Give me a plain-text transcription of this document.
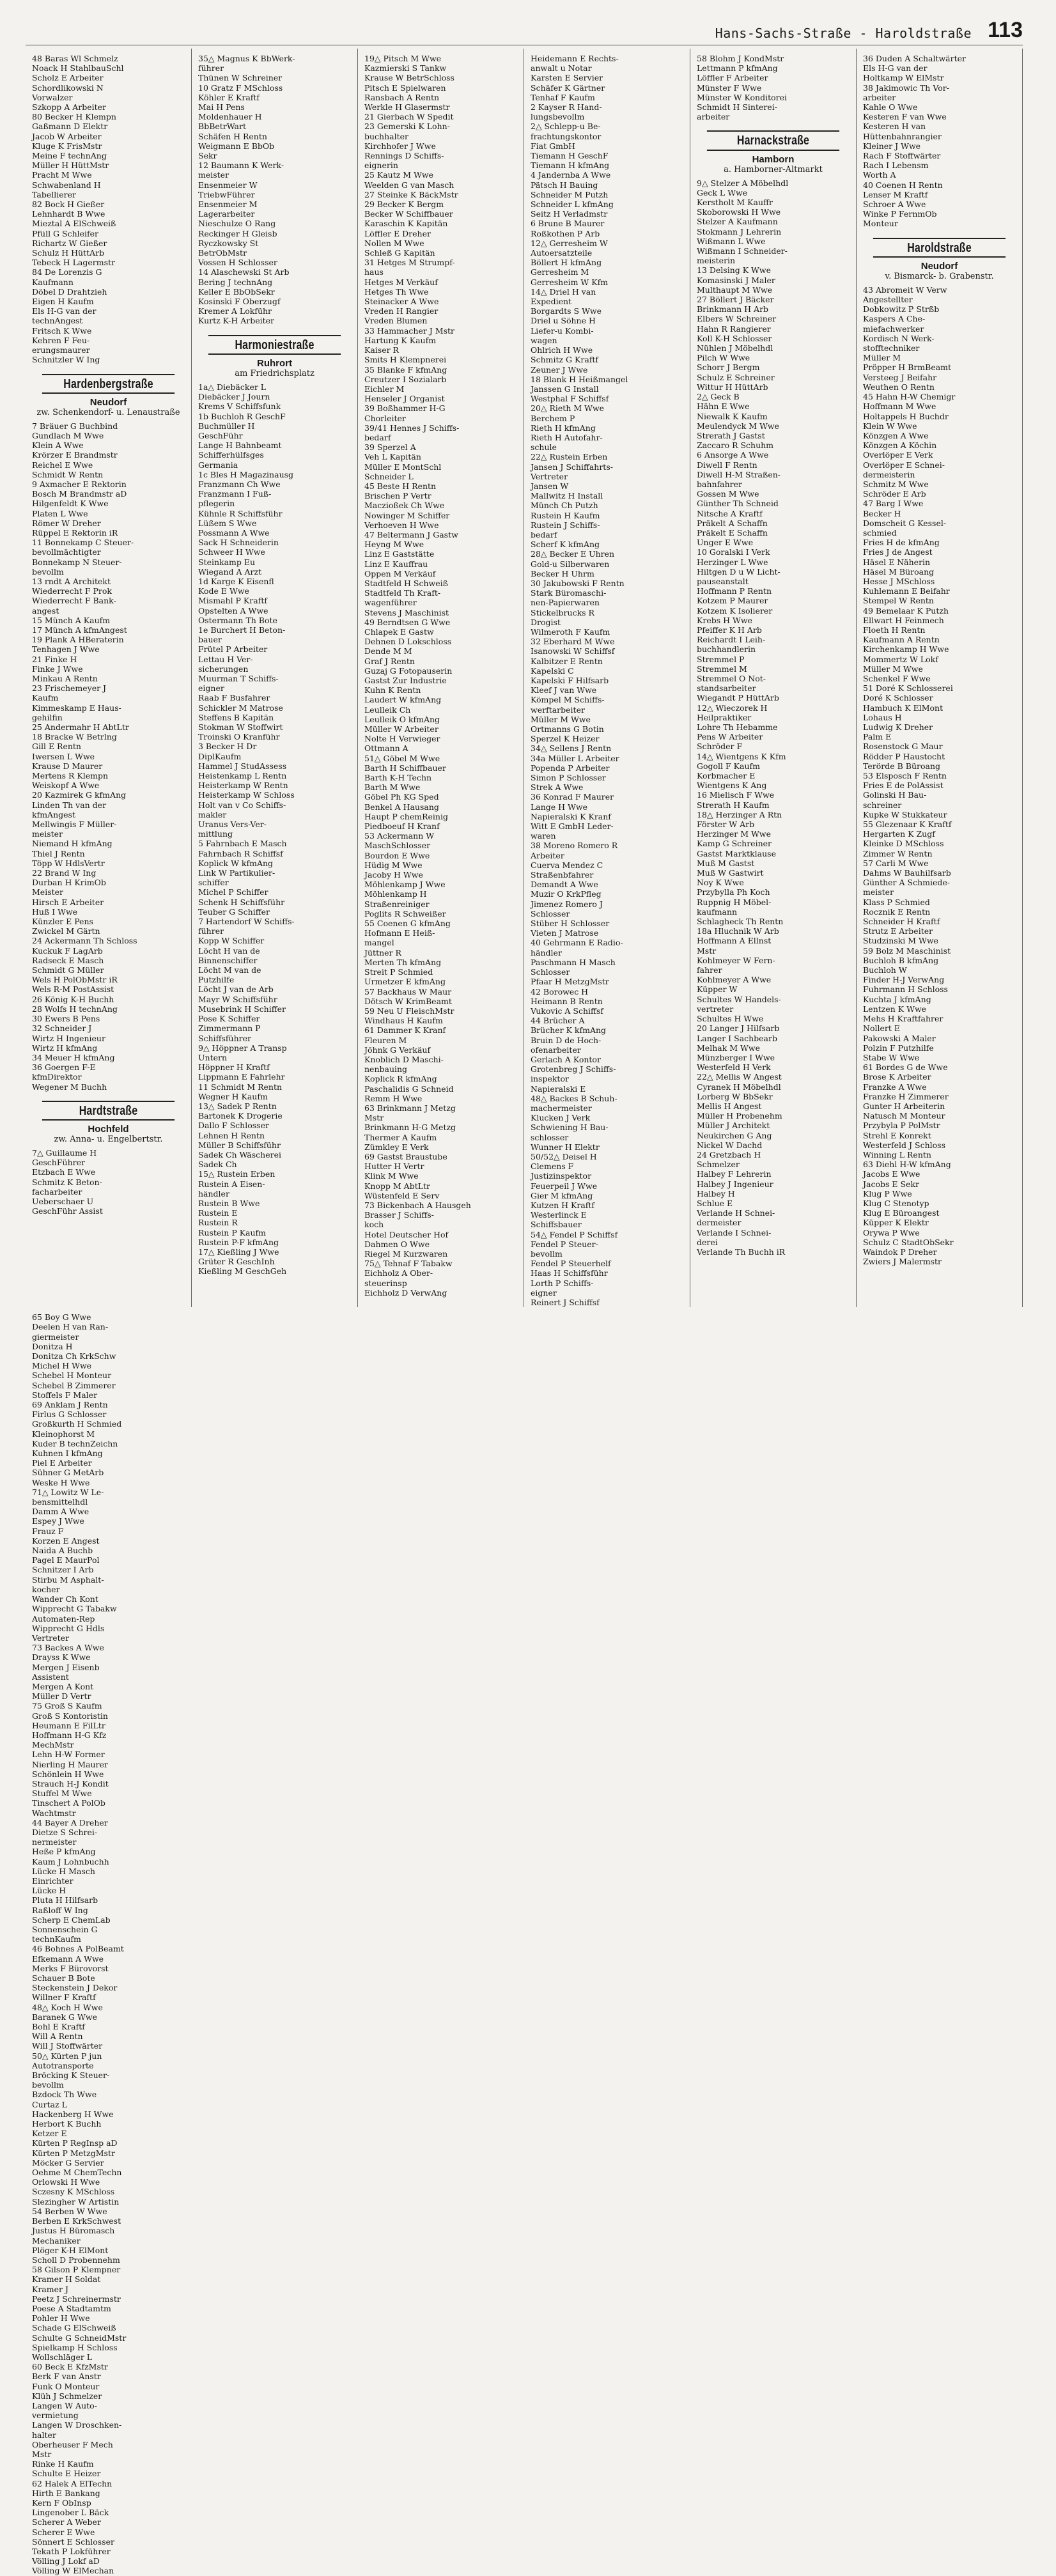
Hans-Sachs-Straße - Haroldstraße 113
48 Baras Wl Schmelz
Noack H StahlbauSchl
Scholz E Arbeiter
Schordlikowski N
Vorwalzer
Szkopp A Arbeiter
80 Becker H Klempn
Gaßmann D Elektr
Jacob W Arbeiter
Kluge K FrisMstr
Meine F technAng
Müller H HüttMstr
Pracht M Wwe
Schwabenland H
Tabellierer
82 Bock H Gießer
Lehnhardt B Wwe
Mieztal A ElSchweiß
Pfüll G Schleifer
Richartz W Gießer
Schulz H HüttArb
Tebeck H Lagermstr
84 De Lorenzis G
Kaufmann
Döbel D Drahtzieh
Eigen H Kaufm
Els H-G van der
technAngest
Fritsch K Wwe
Kehren F Feu-
erungsmaurer
Schnitzler W Ing
Hardenbergstraße
Neudorf
zw. Schenkendorf- u. Lenaustraße
7 Bräuer G Buchbind
Gundlach M Wwe
Klein A Wwe
Krörzer E Brandmstr
Reichel E Wwe
Schmidt W Rentn
9 Axmacher E Rektorin
Bosch M Brandmstr aD
Hilgenfeldt K Wwe
Platen L Wwe
Römer W Dreher
Rüppel E Rektorin iR
11 Bonnekamp C Steuer-
bevollmächtigter
Bonnekamp N Steuer-
bevollm
13 rndt A Architekt
Wiederrecht F Prok
Wiederrecht F Bank-
angest
15 Münch A Kaufm
17 Münch A kfmAngest
19 Plank A HBeraterin
Tenhagen J Wwe
21 Finke H
Finke J Wwe
Minkau A Rentn
23 Frischemeyer J
Kaufm
Kimmeskamp E Haus-
gehilfin
25 Andermahr H AbtLtr
18 Bracke W Betrlng
Gill E Rentn
Iwersen L Wwe
Krause D Maurer
Mertens R Klempn
Weiskopf A Wwe
20 Kazmirek G kfmAng
Linden Th van der
kfmAngest
Mellwingis F Müller-
meister
Niemand H kfmAng
Thiel J Rentn
Töpp W HdlsVertr
22 Brand W Ing
Durban H KrimOb
Meister
Hirsch E Arbeiter
Huß I Wwe
Künzler E Pens
Zwickel M Gärtn
24 Ackermann Th Schloss
Kuckuk F LagArb
Radseck E Masch
Schmidt G Müller
Wels H PolObMstr iR
Wels R-M PostAssist
26 König K-H Buchh
28 Wolfs H technAng
30 Ewers B Pens
32 Schneider J
Wirtz H Ingenieur
Wirtz H kfmAng
34 Meuer H kfmAng
36 Goergen F-E
kfmDirektor
Wegener M Buchh
Hardtstraße
Hochfeld
zw. Anna- u. Engelbertstr.
7△ Guillaume H
GeschFührer
Etzbach E Wwe
Schmitz K Beton-
facharbeiter
Ueberschaer U
GeschFühr Assist
35△ Magnus K BbWerk-
führer
Thünen W Schreiner
10 Gratz F MSchloss
Köhler E Kraftf
Mai H Pens
Moldenhauer H
BbBetrWart
Schäfen H Rentn
Weigmann E BbOb
Sekr
12 Baumann K Werk-
meister
Ensenmeier W
TriebwFührer
Ensenmeier M
Lagerarbeiter
Nieschulze O Rang
Reckinger H Gleisb
Ryczkowsky St
BetrObMstr
Vossen H Schlosser
14 Alaschewski St Arb
Bering J technAng
Keller E BbObSekr
Kosinski F Oberzugf
Kremer A Lokführ
Kurtz K-H Arbeiter
Harmoniestraße
Ruhrort
am Friedrichsplatz
1a△ Diebäcker L
Diebäcker J Journ
Krems V Schiffsfunk
1b Buchloh R GeschF
Buchmüller H
GeschFühr
Lange H Bahnbeamt
Schifferhülfsges
Germania
1c Bles H Magazinausg
Franzmann Ch Wwe
Franzmann I Fuß-
pflegerin
Kühnle R Schiffsführ
Lüßem S Wwe
Possmann A Wwe
Sack H Schneiderin
Schweer H Wwe
Steinkamp Eu
Wiegand A Arzt
1d Karge K Eisenfl
Kode E Wwe
Mismahl P Kraftf
Opstelten A Wwe
Ostermann Th Bote
1e Burchert H Beton-
bauer
Frütel P Arbeiter
Lettau H Ver-
sicherungen
Muurman T Schiffs-
eigner
Raab F Busfahrer
Schickler M Matrose
Steffens B Kapitän
Stokman W Stoffwirt
Troinski O Kranführ
3 Becker H Dr
DiplKaufm
Hammel J StudAssess
Heistenkamp L Rentn
Heisterkamp W Rentn
Heisterkamp W Schloss
Holt van v Co Schiffs-
makler
Uranus Vers-Ver-
mittlung
5 Fahrnbach E Masch
Fahrnbach R Schiffsf
Koplick W kfmAng
Link W Partikulier-
schiffer
Michel P Schiffer
Schenk H Schiffsführ
Teuber G Schiffer
7 Hartendorf W Schiffs-
führer
Kopp W Schiffer
Löcht H van de
Binnenschiffer
Löcht M van de
Putzhilfe
Löcht J van de Arb
Mayr W Schiffsführ
Musebrink H Schiffer
Pose K Schiffer
Zimmermann P
Schiffsführer
9△ Höppner A Transp
Untern
Höppner H Kraftf
Lippmann E Fahrlehr
11 Schmidt M Rentn
Wegner H Kaufm
13△ Sadek P Rentn
Bartonek K Drogerie
Dallo F Schlosser
Lehnen H Rentn
Müller B Schiffsführ
Sadek Ch Wäscherei
Sadek Ch
15△ Rustein Erben
Rustein A Eisen-
händler
Rustein B Wwe
Rustein E
Rustein R
Rustein P Kaufm
Rustein P-F kfmAng
17△ Kießling J Wwe
Grüter R GeschInh
Kießling M GeschGeh
19△ Pitsch M Wwe
Kazmierski S Tankw
Krause W BetrSchloss
Pitsch E Spielwaren
Ransbach A Rentn
Werkle H Glasermstr
21 Gierbach W Spedit
23 Gemerski K Lohn-
buchhalter
Kirchhofer J Wwe
Rennings D Schiffs-
eignerin
25 Kautz M Wwe
Weelden G van Masch
27 Steinke K BäckMstr
29 Becker K Bergm
Becker W Schiffbauer
Karaschin K Kapitän
Löffler E Dreher
Nollen M Wwe
Schleß G Kapitän
31 Hetges M Strumpf-
haus
Hetges M Verkäuf
Hetges Th Wwe
Steinacker A Wwe
Vreden H Rangier
Vreden Blumen
33 Hammacher J Mstr
Hartung K Kaufm
Kaiser R
Smits H Klempnerei
35 Blanke F kfmAng
Creutzer I Sozialarb
Eichler M
Henseler J Organist
39 Boßhammer H-G
Chorleiter
39/41 Hennes J Schiffs-
bedarf
39 Sperzel A
Veh L Kapitän
Müller E MontSchl
Schneider L
45 Beste H Rentn
Brischen P Vertr
Maczioßek Ch Wwe
Nowinger M Schiffer
Verhoeven H Wwe
47 Beltermann J Gastw
Heyng M Wwe
Linz E Gaststätte
Linz E Kauffrau
Oppen M Verkäuf
Stadtfeld H Schweiß
Stadtfeld Th Kraft-
wagenführer
Stevens J Maschinist
49 Berndtsen G Wwe
Chlapek E Gastw
Dehnen D Lokschloss
Dende M M
Graf J Rentn
Guzaj G Fotopauserin
Gastst Zur Industrie
Kuhn K Rentn
Laudert W kfmAng
Leulleik Ch
Leulleik O kfmAng
Müller W Arbeiter
Nolte H Verwieger
Ottmann A
51△ Göbel M Wwe
Barth H Schiffbauer
Barth K-H Techn
Barth M Wwe
Göbel Ph KG Sped
Benkel A Hausang
Haupt P chemReinig
Piedboeuf H Kranf
53 Ackermann W
MaschSchlosser
Bourdon E Wwe
Hüdig M Wwe
Jacoby H Wwe
Möhlenkamp J Wwe
Möhlenkamp H
Straßenreiniger
Poglits R Schweißer
55 Coenen G kfmAng
Hofmann E Heiß-
mangel
Jüttner R
Merten Th kfmAng
Streit P Schmied
Urmetzer E kfmAng
57 Backhaus W Maur
Dötsch W KrimBeamt
59 Neu U FleischMstr
Windhaus H Kaufm
61 Dammer K Kranf
Fleuren M
Jöhnk G Verkäuf
Knoblich D Maschi-
nenbauing
Koplick R kfmAng
Paschalidis G Schneid
Remm H Wwe
63 Brinkmann J Metzg
Mstr
Brinkmann H-G Metzg
Thermer A Kaufm
Zümkley E Verk
69 Gastst Braustube
Hutter H Vertr
Klink M Wwe
Knopp M AbtLtr
Wüstenfeld E Serv
73 Bickenbach A Hausgeh
Brasser J Schiffs-
koch
Hotel Deutscher Hof
Dahmen O Wwe
Riegel M Kurzwaren
75△ Tehnaf F Tabakw
Eichholz A Ober-
steuerinsp
Eichholz D VerwAng
Heidemann E Rechts-
anwalt u Notar
Karsten E Servier
Schäfer K Gärtner
Tenhaf F Kaufm
2 Kayser R Hand-
lungsbevollm
2△ Schlepp-u Be-
frachtungskontor
Fiat GmbH
Tiemann H GeschF
Tiemann H kfmAng
4 Jandernba A Wwe
Pätsch H Bauing
Schneider M Putzh
Schneider L kfmAng
Seitz H Verladmstr
6 Brune B Maurer
Roßkothen P Arb
12△ Gerresheim W
Autoersatzteile
Böllert H kfmAng
Gerresheim M
Gerresheim W Kfm
14△ Driel H van
Expedient
Borgardts S Wwe
Driel u Söhne H
Liefer-u Kombi-
wagen
Ohlrich H Wwe
Schmitz G Kraftf
Zeuner J Wwe
18 Blank H Heißmangel
Janssen G Install
Westphal F Schiffsf
20△ Rieth M Wwe
Berchem P
Rieth H kfmAng
Rieth H Autofahr-
schule
22△ Rustein Erben
Jansen J Schiffahrts-
Vertreter
Jansen W
Mallwitz H Install
Münch Ch Putzh
Rustein H Kaufm
Rustein J Schiffs-
bedarf
Scherf K kfmAng
28△ Becker E Uhren
Gold-u Silberwaren
Becker H Uhrm
30 Jakubowski F Rentn
Stark Büromaschi-
nen-Papierwaren
Stickelbrucks R
Drogist
Wilmeroth F Kaufm
32 Eberhard M Wwe
Isanowski W Schiffsf
Kalbitzer E Rentn
Kapelski C
Kapelski F Hilfsarb
Kleef J van Wwe
Kömpel M Schiffs-
werftarbeiter
Müller M Wwe
Ortmanns G Botin
Sperzel K Heizer
34△ Sellens J Rentn
34a Müller L Arbeiter
Popenda P Arbeiter
Simon P Schlosser
Strek A Wwe
36 Konrad F Maurer
Lange H Wwe
Napieralski K Kranf
Witt E GmbH Leder-
waren
38 Moreno Romero R
Arbeiter
Cuerva Mendez C
Straßenbfahrer
Demandt A Wwe
Muzir O KrkPfleg
Jimenez Romero J
Schlosser
Stüber H Schlosser
Vieten J Matrose
40 Gehrmann E Radio-
händler
Paschmann H Masch
Schlosser
Pfaar H MetzgMstr
42 Borowec H
Heimann B Rentn
Vukovic A Schiffsf
44 Brücher A
Brücher K kfmAng
Bruin D de Hoch-
ofenarbeiter
Gerlach A Kontor
Grotenbreg J Schiffs-
inspektor
Napieralski E
48△ Backes B Schuh-
machermeister
Klucken J Verk
Schwiening H Bau-
schlosser
Wunner H Elektr
50/52△ Deisel H
Clemens F
Justizinspektor
Feuerpeil J Wwe
Gier M kfmAng
Kutzen H Kraftf
Westerlinck E
Schiffsbauer
54△ Fendel P Schiffsf
Fendel P Steuer-
bevollm
Fendel P Steuerhelf
Haas H Schiffsführ
Lorth P Schiffs-
eigner
Reinert J Schiffsf
58 Blohm J KondMstr
Lettmann P kfmAng
Löffler F Arbeiter
Münster F Wwe
Münster W Konditorei
Schmidt H Sinterei-
arbeiter
Harnackstraße
Hamborn
a. Hamborner-Altmarkt
9△ Stelzer A Möbelhdl
Geck L Wwe
Kerstholt M Kauffr
Skoborowski H Wwe
Stelzer A Kaufmann
Stokmann J Lehrerin
Wißmann L Wwe
Wißmann I Schneider-
meisterin
13 Delsing K Wwe
Komasinski J Maler
Multhaupt M Wwe
27 Böllert J Bäcker
Brinkmann H Arb
Elbers W Schreiner
Hahn R Rangierer
Koll K-H Schlosser
Nühlen J Möbelhdl
Pilch W Wwe
Schorr J Bergm
Schulz E Schreiner
Wittur H HüttArb
2△ Geck B
Hähn E Wwe
Niewalk K Kaufm
Meulendyck M Wwe
Strerath J Gastst
Zaccaro R Schuhm
6 Ansorge A Wwe
Diwell F Rentn
Diwell H-M Straßen-
bahnfahrer
Gossen M Wwe
Günther Th Schneid
Nitsche A Kraftf
Präkelt A Schaffn
Präkelt E Schaffn
Unger E Wwe
10 Goralski I Verk
Herzinger L Wwe
Hiltgen D u W Licht-
pauseanstalt
Hoffmann P Rentn
Kotzem P Maurer
Kotzem K Isolierer
Krebs H Wwe
Pfeiffer K H Arb
Reichardt I Leih-
buchhandlerin
Stremmel P
Stremmel M
Stremmel O Not-
standsarbeiter
Wiegandt P HüttArb
12△ Wieczorek H
Heilpraktiker
Lohre Th Hebamme
Pens W Arbeiter
Schröder F
14△ Wientgens K Kfm
Gogoll F Kaufm
Korbmacher E
Wientgens K Ang
16 Mielisch F Wwe
Strerath H Kaufm
18△ Herzinger A Rtn
Förster W Arb
Herzinger M Wwe
Kamp G Schreiner
Gastst Marktklause
Muß M Gastst
Muß W Gastwirt
Noy K Wwe
Przybylla Ph Koch
Ruppnig H Möbel-
kaufmann
Schlagheck Th Rentn
18a Hluchnik W Arb
Hoffmann A Ellnst
Mstr
Kohlmeyer W Fern-
fahrer
Kohlmeyer A Wwe
Küpper W
Schultes W Handels-
vertreter
Schultes H Wwe
20 Langer J Hilfsarb
Langer I Sachbearb
Melhak M Wwe
Münzberger I Wwe
Westerfeld H Verk
22△ Mellis W Angest
Cyranek H Möbelhdl
Lorberg W BbSekr
Mellis H Angest
Müller H Probenehm
Müller J Architekt
Neukirchen G Ang
Nickel W Dachd
24 Gretzbach H
Schmelzer
Halbey F Lehrerin
Halbey J Ingenieur
Halbey H
Schlue E
Verlande H Schnei-
dermeister
Verlande I Schnei-
derei
Verlande Th Buchh iR
36 Duden A Schaltwärter
Els H-G van der
Holtkamp W ElMstr
38 Jakimowic Th Vor-
arbeiter
Kahle O Wwe
Kesteren F van Wwe
Kesteren H van
Hüttenbahnrangier
Kleiner J Wwe
Rach F Stoffwärter
Rach I Lebensm
Worth A
40 Coenen H Rentn
Lenser M Kraftf
Schroer A Wwe
Winke P FernmOb
Monteur
Haroldstraße
Neudorf
v. Bismarck- b. Grabenstr.
43 Abromeit W Verw
Angestellter
Dobkowitz P Strßb
Kaspers A Che-
miefachwerker
Kordisch N Werk-
stofftechniker
Müller M
Pröpper H BrmBeamt
Versteeg J Beifahr
Weuthen O Rentn
45 Hahn H-W Chemigr
Hoffmann M Wwe
Holtappels H Buchdr
Klein W Wwe
Könzgen A Wwe
Könzgen A Köchin
Overlöper E Verk
Overlöper E Schnei-
dermeisterin
Schmitz M Wwe
Schröder E Arb
47 Barg I Wwe
Becker H
Domscheit G Kessel-
schmied
Fries H de kfmAng
Fries J de Angest
Häsel E Näherin
Häsel M Büroang
Hesse J MSchloss
Kuhlemann E Beifahr
Stempel W Rentn
49 Bemelaar K Putzh
Ellwart H Feinmech
Floeth H Rentn
Kaufmann A Rentn
Kirchenkamp H Wwe
Mommertz W Lokf
Müller M Wwe
Schenkel F Wwe
51 Doré K Schlosserei
Doré K Schlosser
Hambuch K ElMont
Lohaus H
Ludwig K Dreher
Palm E
Rosenstock G Maur
Rödder P Haustocht
Terörde B Büroang
53 Elsposch F Rentn
Fries E de PolAssist
Golinski H Bau-
schreiner
Kupke W Stukkateur
55 Glezenaar K Kraftf
Hergarten K Zugf
Kleinke D MSchloss
Zimmer W Rentn
57 Carli M Wwe
Dahms W Bauhilfsarb
Günther A Schmiede-
meister
Klass P Schmied
Rocznik E Rentn
Schneider H Kraftf
Strutz E Arbeiter
Studzinski M Wwe
59 Bolz M Maschinist
Buchloh B kfmAng
Buchloh W
Finder H-J VerwAng
Fuhrmann H Schloss
Kuchta J kfmAng
Lentzen K Wwe
Mehs H Kraftfahrer
Nollert E
Pakowski A Maler
Polzin F Putzhilfe
Stabe W Wwe
61 Bordes G de Wwe
Brose K Arbeiter
Franzke A Wwe
Franzke H Zimmerer
Gunter H Arbeiterin
Natusch M Monteur
Przybyla P PolMstr
Strehl E Konrekt
Westerfeld J Schloss
Winning L Rentn
63 Diehl H-W kfmAng
Jacobs E Wwe
Jacobs E Sekr
Klug P Wwe
Klug C Stenotyp
Klug E Büroangest
Küpper K Elektr
Orywa P Wwe
Schulz C StadtObSekr
Waindok P Dreher
Zwiers J Malermstr
65 Boy G Wwe
Deelen H van Ran-
giermeister
Donitza H
Donitza Ch KrkSchw
Michel H Wwe
Schebel H Monteur
Schebel B Zimmerer
Stoffels F Maler
69 Anklam J Rentn
Firlus G Schlosser
Großkurth H Schmied
Kleinophorst M
Kuder B technZeichn
Kuhnen I kfmAng
Piel E Arbeiter
Sühner G MetArb
Weske H Wwe
71△ Lowitz W Le-
bensmittelhdl
Damm A Wwe
Espey J Wwe
Frauz F
Korzen E Angest
Naida A Buchb
Pagel E MaurPol
Schnitzer I Arb
Stirbu M Asphalt-
kocher
Wander Ch Kont
Wipprecht G Tabakw
Automaten-Rep
Wipprecht G Hdls
Vertreter
73 Backes A Wwe
Drayss K Wwe
Mergen J Eisenb
Assistent
Mergen A Kont
Müller D Vertr
75 Groß S Kaufm
Groß S Kontoristin
Heumann E FilLtr
Hoffmann H-G Kfz
MechMstr
Lehn H-W Former
Nierling H Maurer
Schönlein H Wwe
Strauch H-J Kondit
Stuffel M Wwe
Tinschert A PolOb
Wachtmstr
44 Bayer A Dreher
Dietze S Schrei-
nermeister
Heße P kfmAng
Kaum J Lohnbuchh
Lücke H Masch
Einrichter
Lücke H
Pluta H Hilfsarb
Raßloff W Ing
Scherp E ChemLab
Sonnenschein G
technKaufm
46 Bohnes A PolBeamt
Efkemann A Wwe
Merks F Bürovorst
Schauer B Bote
Steckenstein J Dekor
Willner F Kraftf
48△ Koch H Wwe
Baranek G Wwe
Bohl E Kraftf
Will A Rentn
Will J Stoffwärter
50△ Kürten P jun
Autotransporte
Bröcking K Steuer-
bevollm
Bzdock Th Wwe
Curtaz L
Hackenberg H Wwe
Herbort K Buchh
Ketzer E
Kürten P RegInsp aD
Kürten P MetzgMstr
Möcker G Servier
Oehme M ChemTechn
Orlowski H Wwe
Sczesny K MSchloss
Slezingher W Artistin
54 Berben W Wwe
Berben E KrkSchwest
Justus H Büromasch
Mechaniker
Plöger K-H ElMont
Scholl D Probennehm
58 Gilson P Klempner
Kramer H Soldat
Kramer J
Peetz J Schreinermstr
Poese A Stadtamtm
Pohler H Wwe
Schade G ElSchweiß
Schulte G SchneidMstr
Spielkamp H Schloss
Wollschläger L
60 Beck E KfzMstr
Berk F van Anstr
Funk O Monteur
Klüh J Schmelzer
Langen W Auto-
vermietung
Langen W Droschken-
halter
Oberheuser F Mech
Mstr
Rinke H Kaufm
Schulte E Heizer
62 Halek A ElTechn
Hirth E Bankang
Kern F ObInsp
Lingenober L Bäck
Scherer A Weber
Scherer E Wwe
Sönnert E Schlosser
Tekath P Lokführer
Völling J Lokf aD
Völling W ElMechan
